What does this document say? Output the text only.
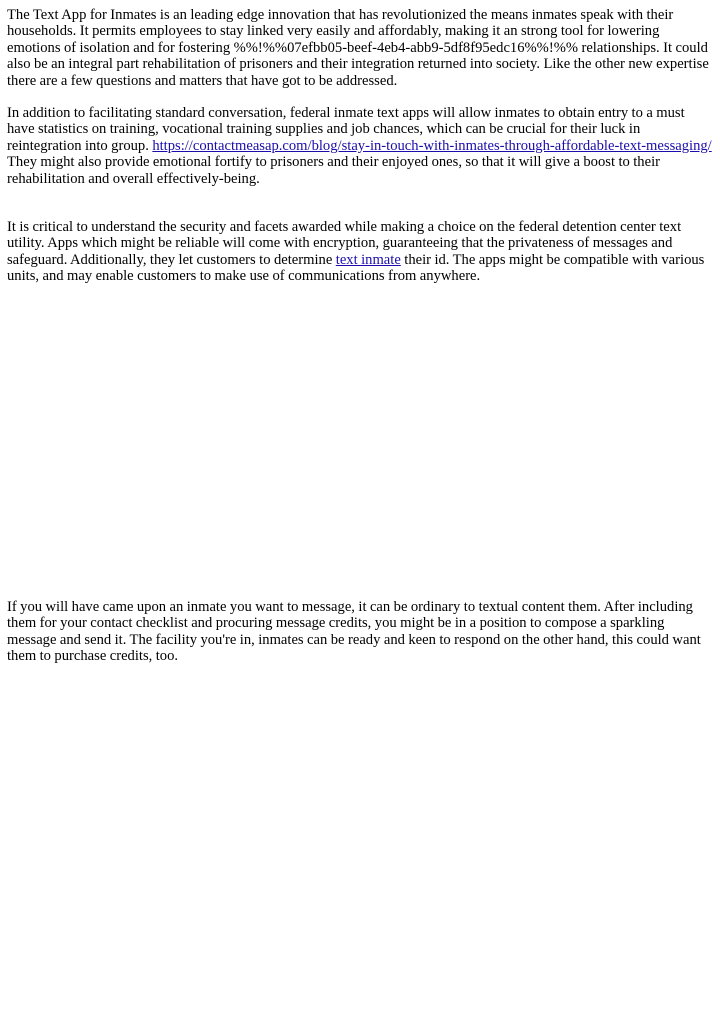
The Text App for Inmates is an leading edge innovation that has revolutionized the means inmates speak with their households. It permits employees to stay linked very easily and affordably, making it an strong tool for lowering emotions of isolation and for fostering %%!%%07efbb05-beef-4eb4-abb9-5df8f95edc16%%!%% relationships. It could also be an integral part rehabilitation of prisoners and their integration returned into society. Like the other new expertise there are a few questions and matters that have got to be addressed.

In addition to facilitating standard conversation, federal inmate text apps will allow inmates to obtain entry to a must have statistics on training, vocational training supplies and job chances, which can be crucial for their luck in reintegration into group. https://contactmeasap.com/blog/stay-in-touch-with-inmates-through-affordable-text-messaging/ They might also provide emotional fortify to prisoners and their enjoyed ones, so that it will give a boost to their rehabilitation and overall effectively-being.

It is critical to understand the security and facets awarded while making a choice on the federal detention center text utility. Apps which might be reliable will come with encryption, guaranteeing that the privateness of messages and safeguard. Additionally, they let customers to determine text inmate their id. The apps might be compatible with various units, and may enable customers to make use of communications from anywhere.

If you will have came upon an inmate you want to message, it can be ordinary to textual content them. After including them for your contact checklist and procuring message credits, you might be in a position to compose a sparkling message and send it. The facility you're in, inmates can be ready and keen to respond on the other hand, this could want them to purchase credits, too.
